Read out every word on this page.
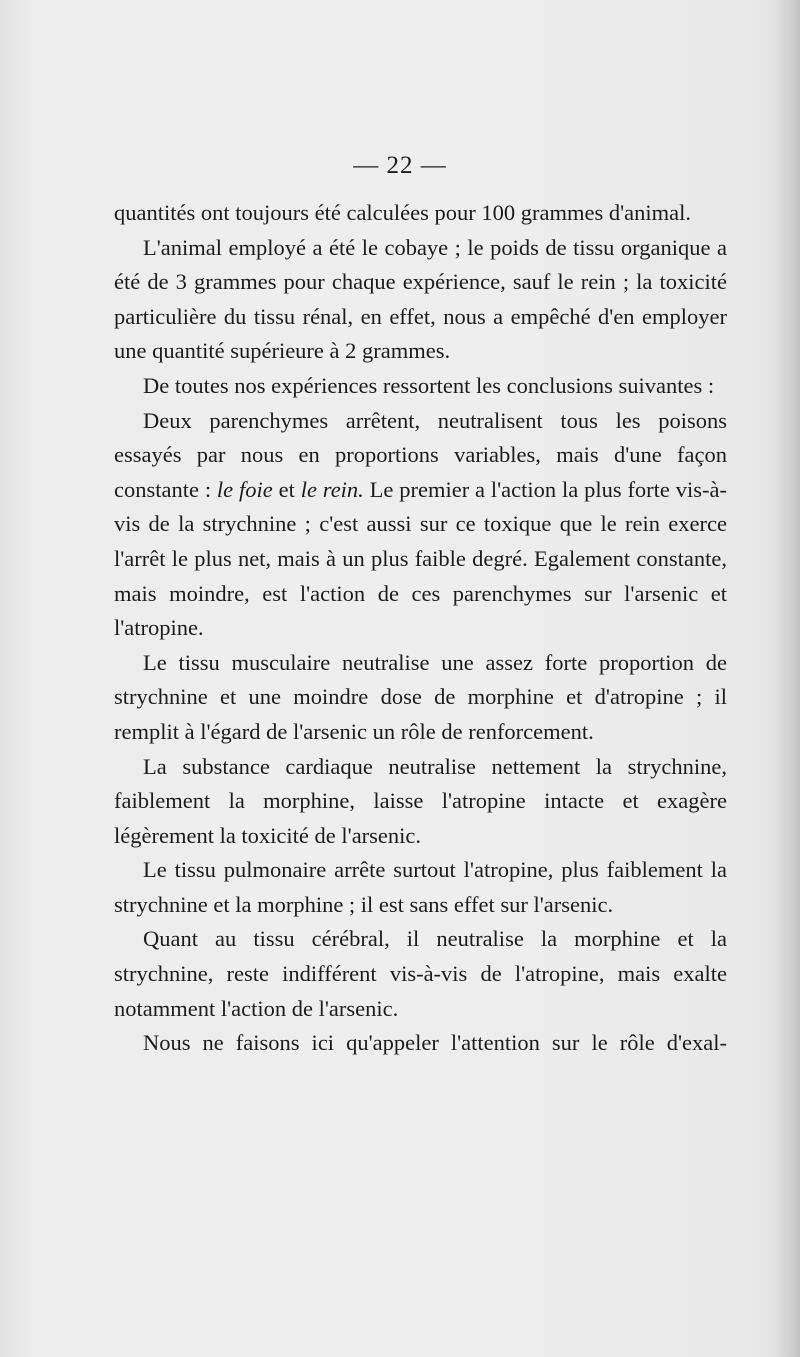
— 22 —

quantités ont toujours été calculées pour 100 grammes d'animal.

L'animal employé a été le cobaye ; le poids de tissu organique a été de 3 grammes pour chaque expérience, sauf le rein ; la toxicité particulière du tissu rénal, en effet, nous a empêché d'en employer une quantité supérieure à 2 grammes.

De toutes nos expériences ressortent les conclusions suivantes :

Deux parenchymes arrêtent, neutralisent tous les poisons essayés par nous en proportions variables, mais d'une façon constante : le foie et le rein. Le premier a l'action la plus forte vis-à-vis de la strychnine ; c'est aussi sur ce toxique que le rein exerce l'arrêt le plus net, mais à un plus faible degré. Egalement constante, mais moindre, est l'action de ces parenchymes sur l'arsenic et l'atropine.

Le tissu musculaire neutralise une assez forte proportion de strychnine et une moindre dose de morphine et d'atropine ; il remplit à l'égard de l'arsenic un rôle de renforcement.

La substance cardiaque neutralise nettement la strychnine, faiblement la morphine, laisse l'atropine intacte et exagère légèrement la toxicité de l'arsenic.

Le tissu pulmonaire arrête surtout l'atropine, plus faiblement la strychnine et la morphine ; il est sans effet sur l'arsenic.

Quant au tissu cérébral, il neutralise la morphine et la strychnine, reste indifférent vis-à-vis de l'atropine, mais exalte notamment l'action de l'arsenic.

Nous ne faisons ici qu'appeler l'attention sur le rôle d'exal-
